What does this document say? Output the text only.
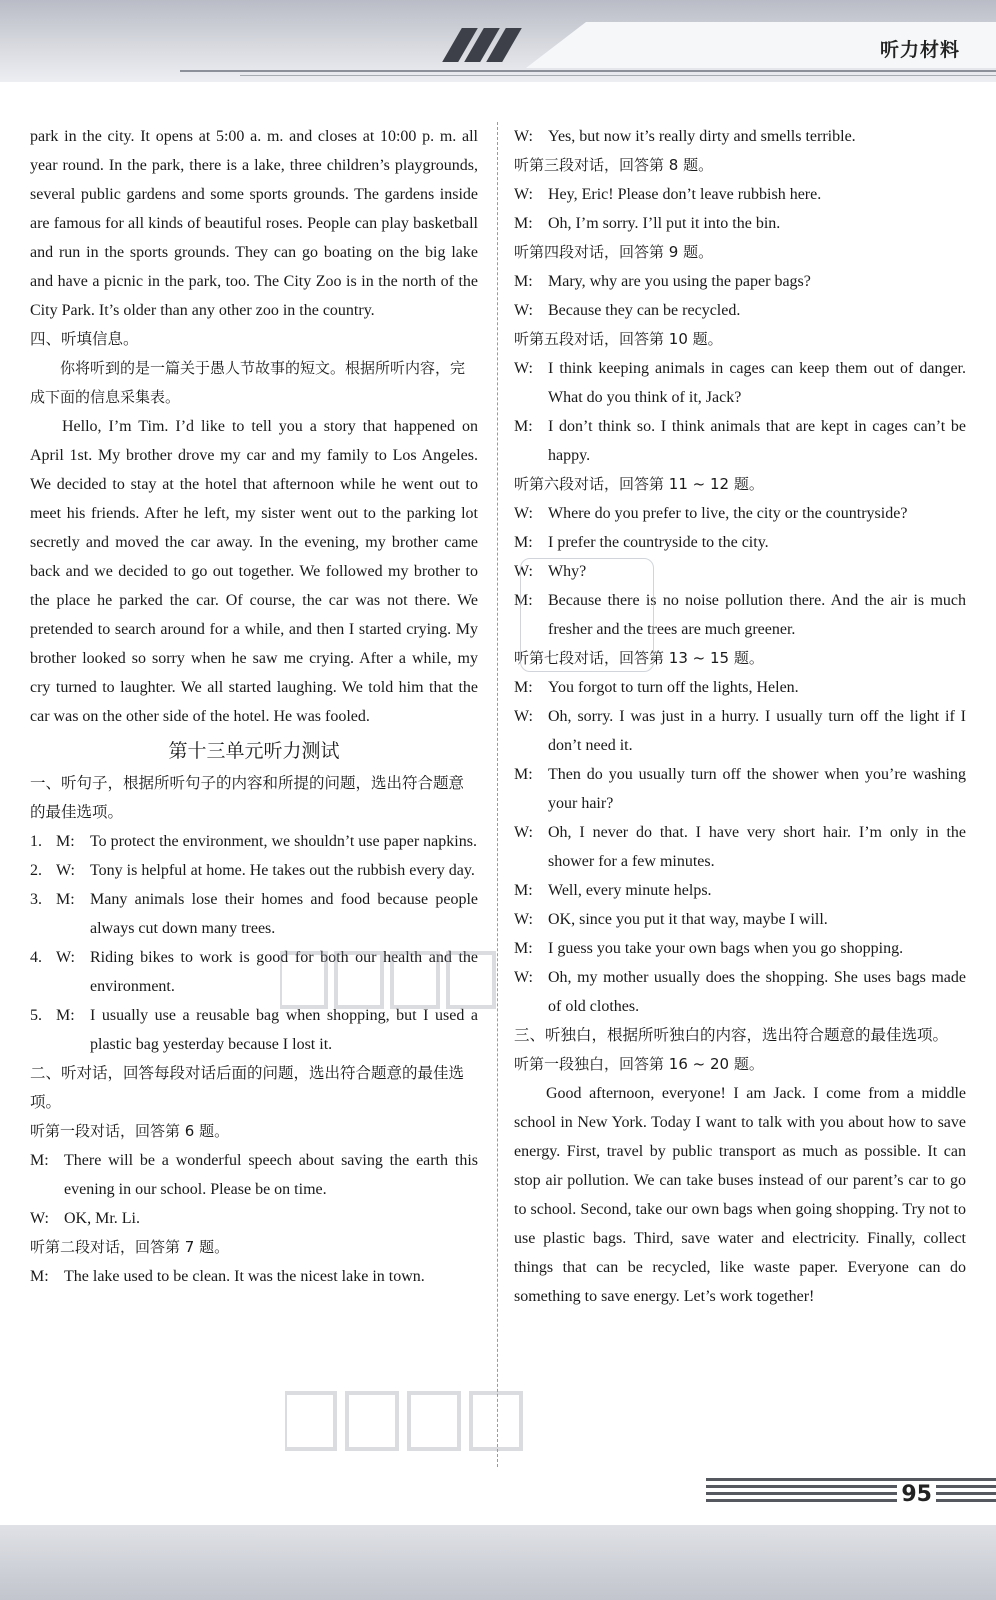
听力材料

park in the city. It opens at 5:00 a. m. and closes at 10:00 p. m. all year round. In the park, there is a lake, three children’s playgrounds, several public gardens and some sports grounds. The gardens inside are famous for all kinds of beautiful roses. People can play basketball and run in the sports grounds. They can go boating on the big lake and have a picnic in the park, too. The City Zoo is in the north of the City Park. It’s older than any other zoo in the country.

四、听填信息。

你将听到的是一篇关于愚人节故事的短文。根据所听内容，完成下面的信息采集表。

Hello, I’m Tim. I’d like to tell you a story that happened on April 1st. My brother drove my car and my family to Los Angeles. We decided to stay at the hotel that afternoon while he went out to meet his friends. After he left, my sister went out to the parking lot secretly and moved the car away. In the evening, my brother came back and we decided to go out together. We followed my brother to the place he parked the car. Of course, the car was not there. We pretended to search around for a while, and then I started crying. My brother looked so sorry when he saw me crying. After a while, my cry turned to laughter. We all started laughing. We told him that the car was on the other side of the hotel. He was fooled.

第十三单元听力测试

一、听句子，根据所听句子的内容和所提的问题，选出符合题意的最佳选项。

1. M: To protect the environment, we shouldn’t use paper napkins.
2. W: Tony is helpful at home. He takes out the rubbish every day.
3. M: Many animals lose their homes and food because people always cut down many trees.
4. W: Riding bikes to work is good for both our health and the environment.
5. M: I usually use a reusable bag when shopping, but I used a plastic bag yesterday because I lost it.

二、听对话，回答每段对话后面的问题，选出符合题意的最佳选项。

听第一段对话，回答第 6 题。

M: There will be a wonderful speech about saving the earth this evening in our school. Please be on time.
W: OK, Mr. Li.

听第二段对话，回答第 7 题。

M: The lake used to be clean. It was the nicest lake in town.
W: Yes, but now it’s really dirty and smells terrible.

听第三段对话，回答第 8 题。

W: Hey, Eric! Please don’t leave rubbish here.
M: Oh, I’m sorry. I’ll put it into the bin.

听第四段对话，回答第 9 题。

M: Mary, why are you using the paper bags?
W: Because they can be recycled.

听第五段对话，回答第 10 题。

W: I think keeping animals in cages can keep them out of danger. What do you think of it, Jack?
M: I don’t think so. I think animals that are kept in cages can’t be happy.

听第六段对话，回答第 11 ~ 12 题。

W: Where do you prefer to live, the city or the countryside?
M: I prefer the countryside to the city.
W: Why?
M: Because there is no noise pollution there. And the air is much fresher and the trees are much greener.

听第七段对话，回答第 13 ~ 15 题。

M: You forgot to turn off the lights, Helen.
W: Oh, sorry. I was just in a hurry. I usually turn off the light if I don’t need it.
M: Then do you usually turn off the shower when you’re washing your hair?
W: Oh, I never do that. I have very short hair. I’m only in the shower for a few minutes.
M: Well, every minute helps.
W: OK, since you put it that way, maybe I will.
M: I guess you take your own bags when you go shopping.
W: Oh, my mother usually does the shopping. She uses bags made of old clothes.

三、听独白，根据所听独白的内容，选出符合题意的最佳选项。

听第一段独白，回答第 16 ~ 20 题。

Good afternoon, everyone! I am Jack. I come from a middle school in New York. Today I want to talk with you about how to save energy. First, travel by public transport as much as possible. It can stop air pollution. We can take buses instead of our parent’s car to go to school. Second, take our own bags when going shopping. Try not to use plastic bags. Third, save water and electricity. Finally, collect things that can be recycled, like waste paper. Everyone can do something to save energy. Let’s work together!

95
